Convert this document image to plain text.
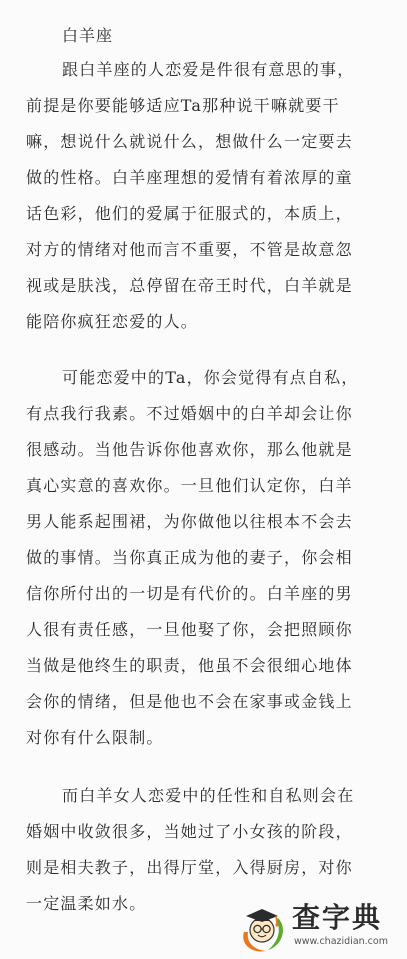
白羊座
跟白羊座的人恋爱是件很有意思的事，
前提是你要能够适应Ta那种说干嘛就要干
嘛，想说什么就说什么，想做什么一定要去
做的性格。白羊座理想的爱情有着浓厚的童
话色彩，他们的爱属于征服式的，本质上，
对方的情绪对他而言不重要，不管是故意忽
视或是肤浅，总停留在帝王时代，白羊就是
能陪你疯狂恋爱的人。
可能恋爱中的Ta，你会觉得有点自私，
有点我行我素。不过婚姻中的白羊却会让你
很感动。当他告诉你他喜欢你，那么他就是
真心实意的喜欢你。一旦他们认定你，白羊
男人能系起围裙，为你做他以往根本不会去
做的事情。当你真正成为他的妻子，你会相
信你所付出的一切是有代价的。白羊座的男
人很有责任感，一旦他娶了你，会把照顾你
当做是他终生的职责，他虽不会很细心地体
会你的情绪，但是他也不会在家事或金钱上
对你有什么限制。
而白羊女人恋爱中的任性和自私则会在
婚姻中收敛很多，当她过了小女孩的阶段，
则是相夫教子，出得厅堂，入得厨房，对你
一定温柔如水。	查字典
www.chazidian.com
